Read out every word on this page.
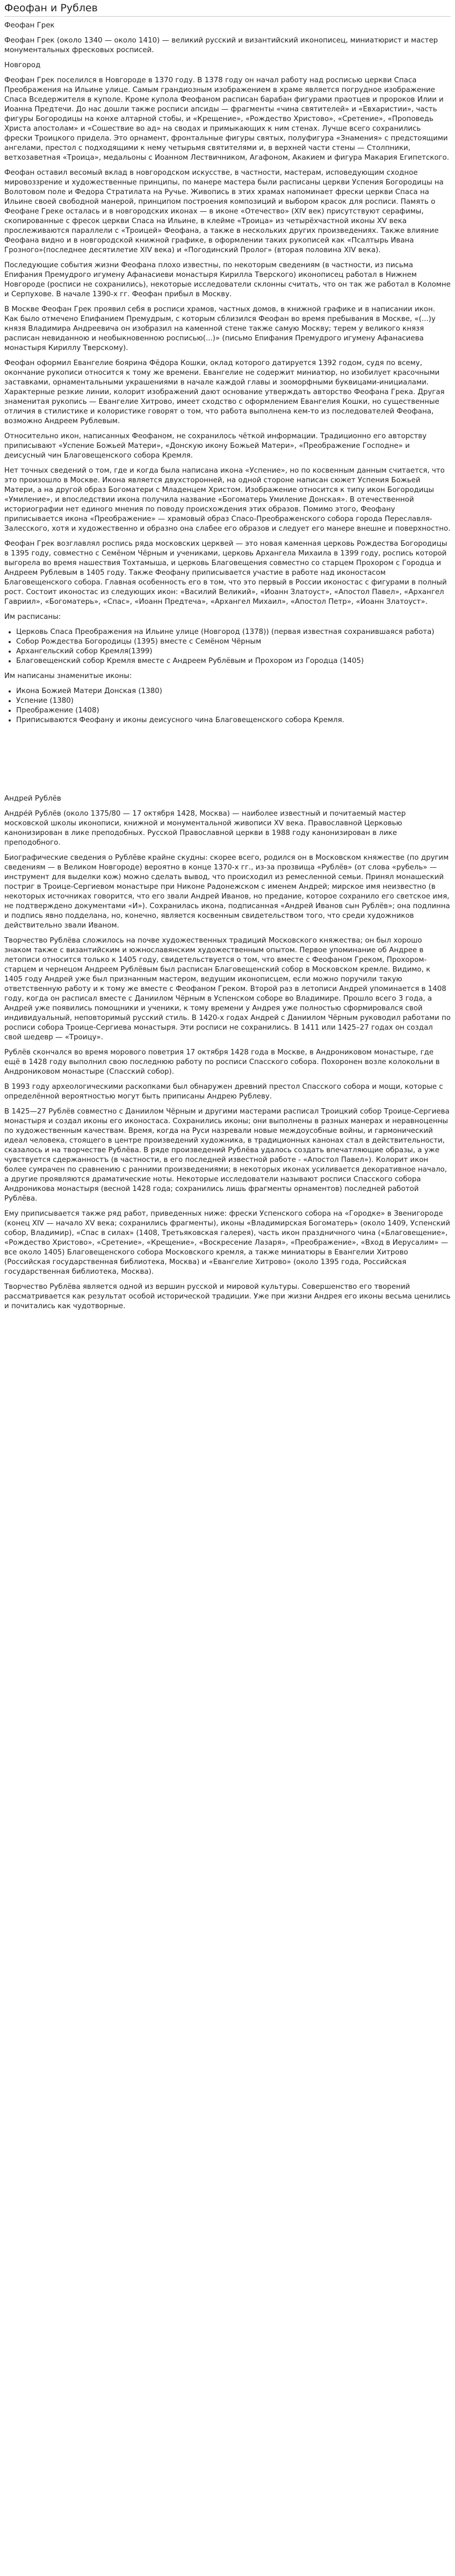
Феофан и Рублев
Феофан Грек

Феофан Грек (около 1340 — около 1410) — великий русский и византийский иконописец, миниатюрист и мастер монументальных фресковых росписей.

Новгород

Феофан Грек поселился в Новгороде в 1370 году. В 1378 году он начал работу над росписью церкви Спаса Преображения на Ильине улице. Самым грандиозным изображением в храме является погрудное изображение Спаса Вседержителя в куполе. Кроме купола Феофаном расписан барабан фигурами праотцев и пророков Илии и Иоанна Предтечи. До нас дошли также росписи апсиды — фрагменты «чина святителей» и «Евхаристии», часть фигуры Богородицы на конхе алтарной стобы, и «Крещение», «Рождество Христово», «Сретение», «Проповедь Христа апостолам» и «Сошествие во ад» на сводах и примыкающих к ним стенах. Лучше всего сохранились фрески Троицкого придела. Это орнамент, фронтальные фигуры святых, полуфигура «Знамения» с предстоящими ангелами, престол с подходящими к нему четырьмя святителями и, в верхней части стены — Столпники, ветхозаветная «Троица», медальоны с Иоанном Лествичником, Агафоном, Акакием и фигура Макария Египетского.

Феофан оставил весомый вклад в новгородском искусстве, в частности, мастерам, исповедующим сходное мировоззрение и художественные принципы, по манере мастера были расписаны церкви Успения Богородицы на Волотовом поле и Федора Стратилата на Ручье. Живопись в этих храмах напоминает фрески церкви Спаса на Ильине своей свободной манерой, принципом построения композиций и выбором красок для росписи. Память о Феофане Греке осталась и в новгородских иконах — в иконе «Отечество» (XIV век) присутствуют серафимы, скопированные с фресок церкви Спаса на Ильине, в клейме «Троица» из четырёхчастной иконы XV века прослеживаются параллели с «Троицей» Феофана, а также в нескольких других произведениях. Также влияние Феофана видно и в новгородской книжной графике, в оформлении таких рукописей как «Псалтырь Ивана Грозного»(последнее десятилетие XIV века) и «Погодинский Пролог» (вторая половина XIV века).

Последующие события жизни Феофана плохо известны, по некоторым сведениям (в частности, из письма Епифания Премудрого игумену Афанасиеви монастыря Кирилла Тверского) иконописец работал в Нижнем Новгороде (росписи не сохранились), некоторые исследователи склонны считать, что он так же работал в Коломне и Серпухове. В начале 1390-х гг. Феофан прибыл в Москву.

В Москве Феофан Грек проявил себя в росписи храмов, частных домов, в книжной графике и в написании икон. Как было отмечено Епифанием Премудрым, с которым сблизился Феофан во время пребывания в Москве, «(...)у князя Владимира Андреевича он изобразил на каменной стене также самую Москву; терем у великого князя расписан невиданною и необыкновенною росписью(...)» (письмо Епифания Премудрого игумену Афанасиева монастыря Кириллу Тверскому).

Феофан оформил Евангелие боярина Фёдора Кошки, оклад которого датируется 1392 годом, судя по всему, окончание рукописи относится к тому же времени. Евангелие не содержит миниатюр, но изобилует красочными заставками, орнаментальными украшениями в начале каждой главы и зооморфными буквицами-инициалами. Характерные резкие линии, колорит изображений дают основание утверждать авторство Феофана Грека. Другая знаменитая рукопись — Евангелие Хитрово, имеет сходство с оформлением Евангелия Кошки, но существенные отличия в стилистике и колористике говорят о том, что работа выполнена кем-то из последователей Феофана, возможно Андреем Рублевым.

Относительно икон, написанных Феофаном, не сохранилось чёткой информации. Традиционно его авторству приписывают «Успение Божьей Матери», «Донскую икону Божьей Матери», «Преображение Господне» и деисусный чин Благовещенского собора Кремля.

Нет точных сведений о том, где и когда была написана икона «Успение», но по косвенным данным считается, что это произошло в Москве. Икона является двухсторонней, на одной стороне написан сюжет Успения Божьей Матери, а на другой образ Богоматери с Младенцем Христом. Изображение относится к типу икон Богородицы «Умиление», и впоследствии икона получила название «Богоматерь Умиление Донская». В отечественной историографии нет единого мнения по поводу происхождения этих образов. Помимо этого, Феофану приписывается икона «Преображение» — храмовый образ Спасо-Преображенского собора города Переславля-Залесского, хотя и художественно и образно она слабее его образов и следует его манере внешне и поверхностно.

Феофан Грек возглавлял роспись ряда московских церквей — это новая каменная церковь Рождества Богородицы в 1395 году, совместно с Семёном Чёрным и учениками, церковь Архангела Михаила в 1399 году, роспись которой выгорела во время нашествия Тохтамыша, и церковь Благовещения совместно со старцем Прохором с Городца и Андреем Рублевым в 1405 году. Также Феофану приписывается участие в работе над иконостасом Благовещенского собора. Главная особенность его в том, что это первый в России иконостас с фигурами в полный рост. Состоит иконостас из следующих икон: «Василий Великий», «Иоанн Златоуст», «Апостол Павел», «Архангел Гавриил», «Богоматерь», «Спас», «Иоанн Предтеча», «Архангел Михаил», «Апостол Петр», «Иоанн Златоуст».

Им расписаны:
• Церковь Спаса Преображения на Ильине улице (Новгород (1378)) (первая известная сохранившаяся работа)
• Собор Рождества Богородицы (1395) вместе с Семёном Чёрным
• Архангельский собор Кремля(1399)
• Благовещенский собор Кремля вместе с Андреем Рублёвым и Прохором из Городца (1405)
Им написаны знаменитые иконы:
• Икона Божией Матери Донская (1380)
• Успение (1380)
• Преображение (1408)
• Приписываются Феофану и иконы деисусного чина Благовещенского собора Кремля.
Андрей Рублёв

Андре́й Рублёв (около 1375/80 — 17 октября 1428, Москва) — наиболее известный и почитаемый мастер московской школы иконописи, книжной и монументальной живописи XV века. Православной Церковью канонизирован в лике преподобных. Русской Православной церкви в 1988 году канонизирован в лике преподобного.

Биографические сведения о Рублёве крайне скудны: скорее всего, родился он в Московском княжестве (по другим сведениям — в Великом Новгороде) вероятно в конце 1370-х гг., из-за прозвища «Рублёв» (от слова «рубель» — инструмент для выделки кож) можно сделать вывод, что происходил из ремесленной семьи. Принял монашеский постриг в Троице-Сергиевом монастыре при Никоне Радонежском с именем Андрей; мирское имя неизвестно (в некоторых источниках говорится, что его звали Андрей Иванов, но предание, которое сохранило его светское имя, не подтверждено документами «И»). Сохранилась икона, подписанная «Андрей Иванов сын Рублёв»; она подлинна и подпись явно подделана, но, конечно, является косвенным свидетельством того, что среди художников действительно звали Иваном.

Творчество Рублёва сложилось на почве художественных традиций Московского княжества; он был хорошо знаком также с византийским и южнославянским художественным опытом. Первое упоминание об Андрее в летописи относится только к 1405 году, свидетельствуется о том, что вместе с Феофаном Греком, Прохором-старцем и чернецом Андреем Рублёвым был расписан Благовещенский собор в Московском кремле. Видимо, к 1405 году Андрей уже был признанным мастером, ведущим иконописцем, если можно поручили такую ответственную работу и к тому же вместе с Феофаном Греком. Второй раз в летописи Андрей упоминается в 1408 году, когда он расписал вместе с Даниилом Чёрным в Успенском соборе во Владимире. Прошло всего 3 года, а Андрей уже появились помощники и ученики, к тому времени у Андрея уже полностью сформировался свой индивидуальный, неповторимый русский стиль. В 1420-х годах Андрей с Даниилом Чёрным руководил работами по росписи собора Троице-Сергиева монастыря. Эти росписи не сохранились. В 1411 или 1425–27 годах он создал свой шедевр — «Троицу».

Рублёв скончался во время морового поветрия 17 октября 1428 года в Москве, в Андрониковом монастыре, где ещё в 1428 году выполнил свою последнюю работу по росписи Спасского собора. Похоронен возле колокольни в Андрониковом монастыре (Спасский собор).

В 1993 году археологическими раскопками был обнаружен древний престол Спасского собора и мощи, которые с определённой вероятностью могут быть приписаны Андрею Рублеву.

В 1425—27 Рублёв совместно с Даниилом Чёрным и другими мастерами расписал Троицкий собор Троице-Сергиева монастыря и создал иконы его иконостаса. Сохранились иконы; они выполнены в разных манерах и неравноценны по художественным качествам. Время, когда на Руси назревали новые междоусобные войны, и гармонический идеал человека, стоящего в центре произведений художника, в традиционных канонах стал в действительности, сказалось и на творчестве Рублёва. В ряде произведений Рублёва удалось создать впечатляющие образы, а уже чувствуется сдержанностъ (в частности, в его последней известной работе - «Апостол Павел»). Колорит икон более сумрачен по сравнению с ранними произведениями; в некоторых иконах усиливается декоративное начало, а другие проявляются драматические ноты. Некоторые исследователи называют росписи Спасского собора Андроникова монастыря (весной 1428 года; сохранились лишь фрагменты орнаментов) последней работой Рублёва.

Ему приписывается также ряд работ, приведенных ниже: фрески Успенского собора на «Городке» в Звенигороде (конец XIV — начало XV века; сохранились фрагменты), иконы «Владимирская Богоматерь» (около 1409, Успенский собор, Владимир), «Спас в силах» (1408, Третьяковская галерея), часть икон праздничного чина («Благовещение», «Рождество Христово», «Сретение», «Крещение», «Воскресение Лазаря», «Преображение», «Вход в Иерусалим» — все около 1405) Благовещенского собора Московского кремля, а также миниатюры в Евангелии Хитрово (Российская государственная библиотека, Москва) и «Евангелие Хитрово» (около 1395 года, Российская государственная библиотека, Москва).

Творчество Рублёва является одной из вершин русской и мировой культуры. Совершенство его творений рассматривается как результат особой исторической традиции. Уже при жизни Андрея его иконы весьма ценились и почитались как чудотворные.
